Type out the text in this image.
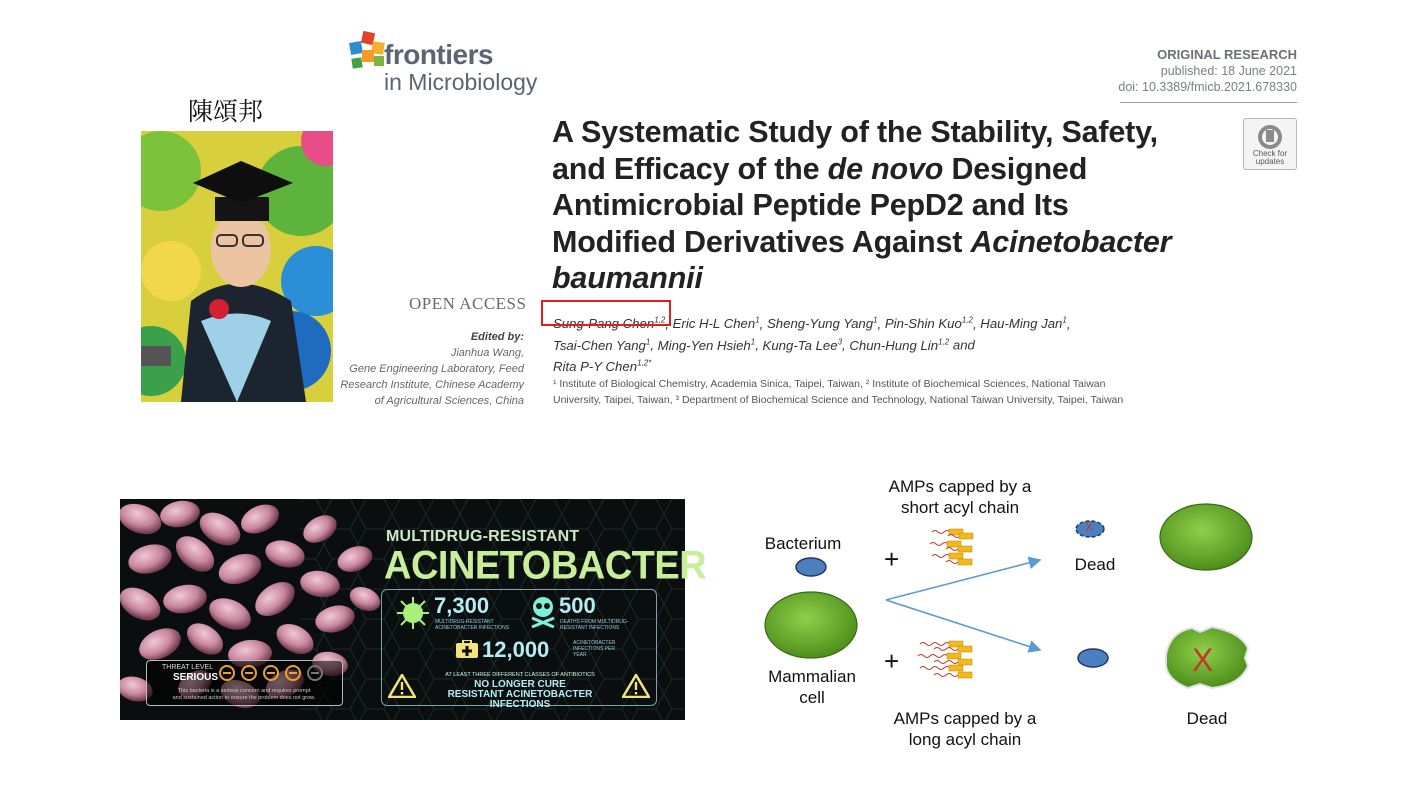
陳頌邦
frontiers
in Microbiology
ORIGINAL RESEARCH
published: 18 June 2021
doi: 10.3389/fmicb.2021.678330
Check for
updates
A Systematic Study of the Stability, Safety, and Efficacy of the de novo Designed Antimicrobial Peptide PepD2 and Its Modified Derivatives Against Acinetobacter baumannii
OPEN ACCESS
Edited by:
Jianhua Wang,
Gene Engineering Laboratory, Feed
Research Institute, Chinese Academy
of Agricultural Sciences, China
Sung-Pang Chen$^{1,2}$, Eric H-L Chen$^1$, Sheng-Yung Yang$^1$, Pin-Shin Kuo$^{1,2}$, Hau-Ming Jan$^1$,
Tsai-Chen Yang$^1$, Ming-Yen Hsieh$^1$, Kung-Ta Lee$^3$, Chun-Hung Lin$^{1,2}$ and
Rita P-Y Chen$^{1,2*}$
¹ Institute of Biological Chemistry, Academia Sinica, Taipei, Taiwan, ² Institute of Biochemical Sciences, National Taiwan University, Taipei, Taiwan, ³ Department of Biochemical Science and Technology, National Taiwan University, Taipei, Taiwan
MULTIDRUG-RESISTANT
ACINETOBACTER
7,300
MULTIDRUG-RESISTANT ACINETOBACTER INFECTIONS
500
DEATHS FROM MULTIDRUG-RESISTANT INFECTIONS
12,000	ACINETOBACTER INFECTIONS PER YEAR
AT LEAST THREE DIFFERENT CLASSES OF ANTIBIOTICS
NO LONGER CURE
RESISTANT ACINETOBACTER INFECTIONS
THREAT LEVEL
SERIOUS
This bacteria is a serious concern and requires prompt
and sustained action to ensure the problem does not grow.
AMPs capped by a short acyl chain
Bacterium
Mammalian cell
AMPs capped by a long acyl chain
Dead
Dead
+
+
X
X
